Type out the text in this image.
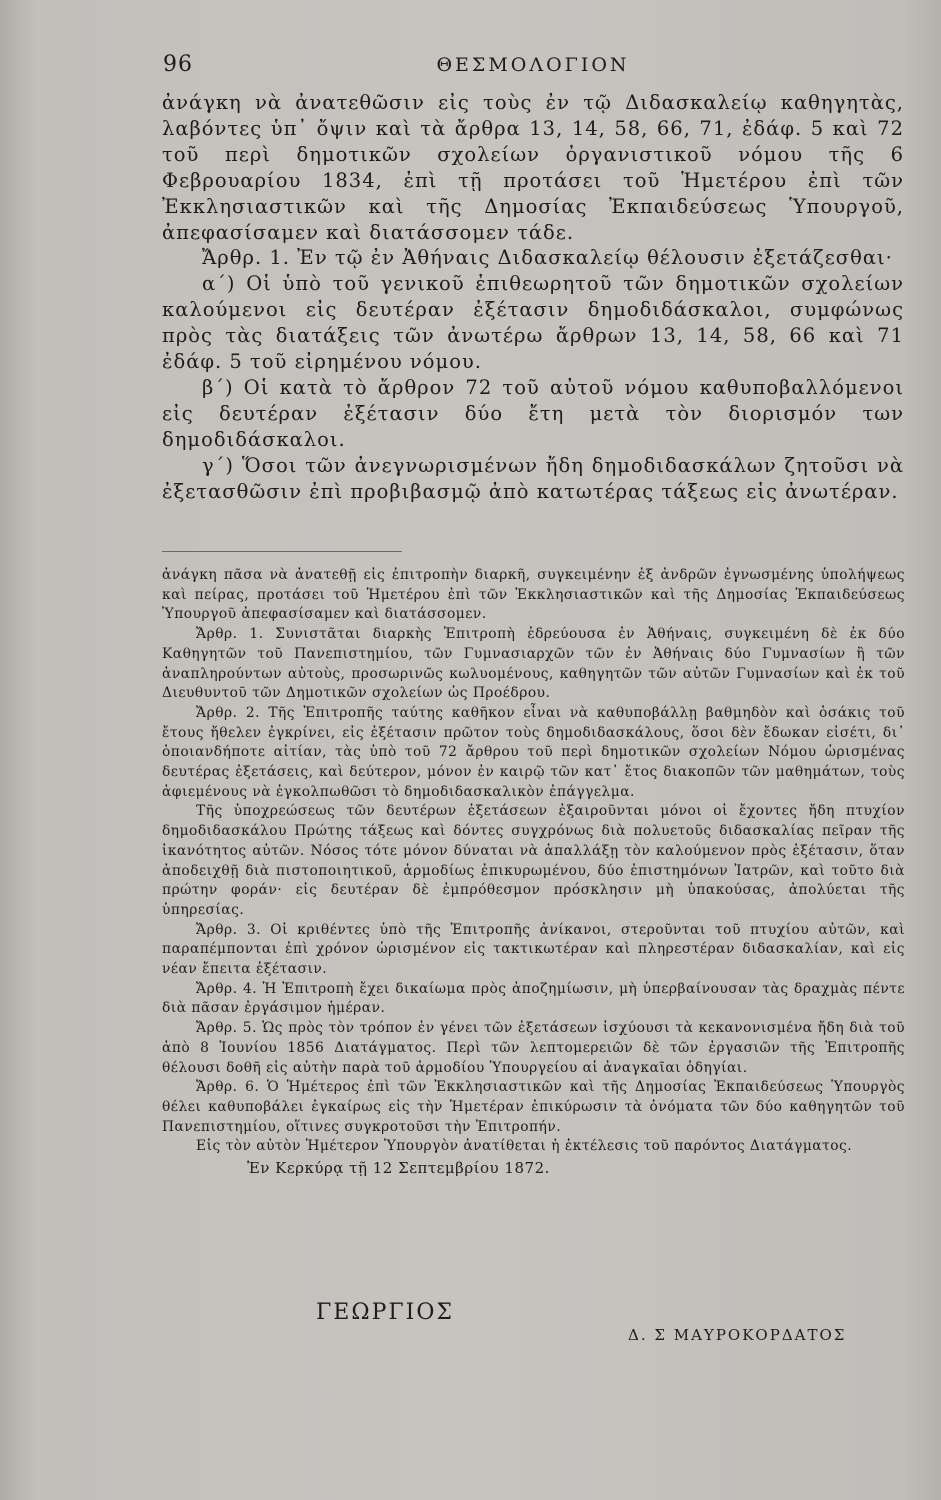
96	ΘΕΣΜΟΛΟΓΙΟΝ

ἀνάγκη νὰ ἀνατεθῶσιν εἰς τοὺς ἐν τῷ Διδασκαλείῳ καθηγητὰς, λαβόντες ὑπ᾽ ὄψιν καὶ τὰ ἄρθρα 13, 14, 58, 66, 71, ἐδάφ. 5 καὶ 72 τοῦ περὶ δημοτικῶν σχολείων ὀργανιστικοῦ νόμου τῆς 6 Φεβρουαρίου 1834, ἐπὶ τῇ προτάσει τοῦ Ἡμετέρου ἐπὶ τῶν Ἐκκλησιαστικῶν καὶ τῆς Δημοσίας Ἐκπαιδεύσεως Ὑπουργοῦ, ἀπεφασίσαμεν καὶ διατάσσομεν τάδε.

Ἄρθρ. 1. Ἐν τῷ ἐν Ἀθήναις Διδασκαλείῳ θέλουσιν ἐξετάζεσθαι·

α΄) Οἱ ὑπὸ τοῦ γενικοῦ ἐπιθεωρητοῦ τῶν δημοτικῶν σχολείων καλούμενοι εἰς δευτέραν ἐξέτασιν δημοδιδάσκαλοι, συμφώνως πρὸς τὰς διατάξεις τῶν ἀνωτέρω ἄρθρων 13, 14, 58, 66 καὶ 71 ἐδάφ. 5 τοῦ εἰρημένου νόμου.

β΄) Οἱ κατὰ τὸ ἄρθρον 72 τοῦ αὐτοῦ νόμου καθυποβαλλόμενοι εἰς δευτέραν ἐξέτασιν δύο ἔτη μετὰ τὸν διορισμόν των δημοδιδάσκαλοι.

γ΄) Ὅσοι τῶν ἀνεγνωρισμένων ἤδη δημοδιδασκάλων ζητοῦσι νὰ ἐξετασθῶσιν ἐπὶ προβιβασμῷ ἀπὸ κατωτέρας τάξεως εἰς ἀνωτέραν.

ἀνάγκη πᾶσα νὰ ἀνατεθῇ εἰς ἐπιτροπὴν διαρκῆ, συγκειμένην ἐξ ἀνδρῶν ἐγνωσμένης ὑπολήψεως καὶ πείρας, προτάσει τοῦ Ἡμετέρου ἐπὶ τῶν Ἐκκλησιαστικῶν καὶ τῆς Δημοσίας Ἐκπαιδεύσεως Ὑπουργοῦ ἀπεφασίσαμεν καὶ διατάσσομεν.

Ἄρθρ. 1. Συνιστᾶται διαρκὴς Ἐπιτροπὴ ἑδρεύουσα ἐν Ἀθήναις, συγκειμένη δὲ ἐκ δύο Καθηγητῶν τοῦ Πανεπιστημίου, τῶν Γυμνασιαρχῶν τῶν ἐν Ἀθήναις δύο Γυμνασίων ἢ τῶν ἀναπληρούντων αὐτοὺς, προσωρινῶς κωλυομένους, καθηγητῶν τῶν αὐτῶν Γυμνασίων καὶ ἐκ τοῦ Διευθυντοῦ τῶν Δημοτικῶν σχολείων ὡς Προέδρου.

Ἄρθρ. 2. Τῆς Ἐπιτροπῆς ταύτης καθῆκον εἶναι νὰ καθυποβάλλῃ βαθμηδὸν καὶ ὁσάκις τοῦ ἔτους ἤθελεν ἐγκρίνει, εἰς ἐξέτασιν πρῶτον τοὺς δημοδιδασκάλους, ὅσοι δὲν ἔδωκαν εἰσέτι, δι᾽ ὁποιανδήποτε αἰτίαν, τὰς ὑπὸ τοῦ 72 ἄρθρου τοῦ περὶ δημοτικῶν σχολείων Νόμου ὡρισμένας δευτέρας ἐξετάσεις, καὶ δεύτερον, μόνον ἐν καιρῷ τῶν κατ᾽ ἔτος διακοπῶν τῶν μαθημάτων, τοὺς ἀφιεμένους νὰ ἐγκολπωθῶσι τὸ δημοδιδασκαλικὸν ἐπάγγελμα.

Τῆς ὑποχρεώσεως τῶν δευτέρων ἐξετάσεων ἐξαιροῦνται μόνοι οἱ ἔχοντες ἤδη πτυχίον δημοδιδασκάλου Πρώτης τάξεως καὶ δόντες συγχρόνως διὰ πολυετοῦς διδασκαλίας πεῖραν τῆς ἱκανότητος αὐτῶν. Νόσος τότε μόνον δύναται νὰ ἀπαλλάξῃ τὸν καλούμενον πρὸς ἐξέτασιν, ὅταν ἀποδειχθῇ διὰ πιστοποιητικοῦ, ἁρμοδίως ἐπικυρωμένου, δύο ἐπιστημόνων Ἰατρῶν, καὶ τοῦτο διὰ πρώτην φοράν· εἰς δευτέραν δὲ ἐμπρόθεσμον πρόσκλησιν μὴ ὑπακούσας, ἀπολύεται τῆς ὑπηρεσίας.

Ἄρθρ. 3. Οἱ κριθέντες ὑπὸ τῆς Ἐπιτροπῆς ἀνίκανοι, στεροῦνται τοῦ πτυχίου αὐτῶν, καὶ παραπέμπονται ἐπὶ χρόνον ὡρισμένον εἰς τακτικωτέραν καὶ πληρεστέραν διδασκαλίαν, καὶ εἰς νέαν ἔπειτα ἐξέτασιν.

Ἄρθρ. 4. Ἡ Ἐπιτροπὴ ἔχει δικαίωμα πρὸς ἀποζημίωσιν, μὴ ὑπερβαίνουσαν τὰς δραχμὰς πέντε διὰ πᾶσαν ἐργάσιμον ἡμέραν.

Ἄρθρ. 5. Ὡς πρὸς τὸν τρόπον ἐν γένει τῶν ἐξετάσεων ἰσχύουσι τὰ κεκανονισμένα ἤδη διὰ τοῦ ἀπὸ 8 Ἰουνίου 1856 Διατάγματος. Περὶ τῶν λεπτομερειῶν δὲ τῶν ἐργασιῶν τῆς Ἐπιτροπῆς θέλουσι δοθῆ εἰς αὐτὴν παρὰ τοῦ ἁρμοδίου Ὑπουργείου αἱ ἀναγκαῖαι ὁδηγίαι.

Ἄρθρ. 6. Ὁ Ἡμέτερος ἐπὶ τῶν Ἐκκλησιαστικῶν καὶ τῆς Δημοσίας Ἐκπαιδεύσεως Ὑπουργὸς θέλει καθυποβάλει ἐγκαίρως εἰς τὴν Ἡμετέραν ἐπικύρωσιν τὰ ὀνόματα τῶν δύο καθηγητῶν τοῦ Πανεπιστημίου, οἵτινες συγκροτοῦσι τὴν Ἐπιτροπήν.

Εἰς τὸν αὐτὸν Ἡμέτερον Ὑπουργὸν ἀνατίθεται ἡ ἐκτέλεσις τοῦ παρόντος Διατάγματος.

Ἐν Κερκύρᾳ τῇ 12 Σεπτεμβρίου 1872.

ΓΕΩΡΓΙΟΣ
Δ. Σ ΜΑΥΡΟΚΟΡΔΑΤΟΣ
